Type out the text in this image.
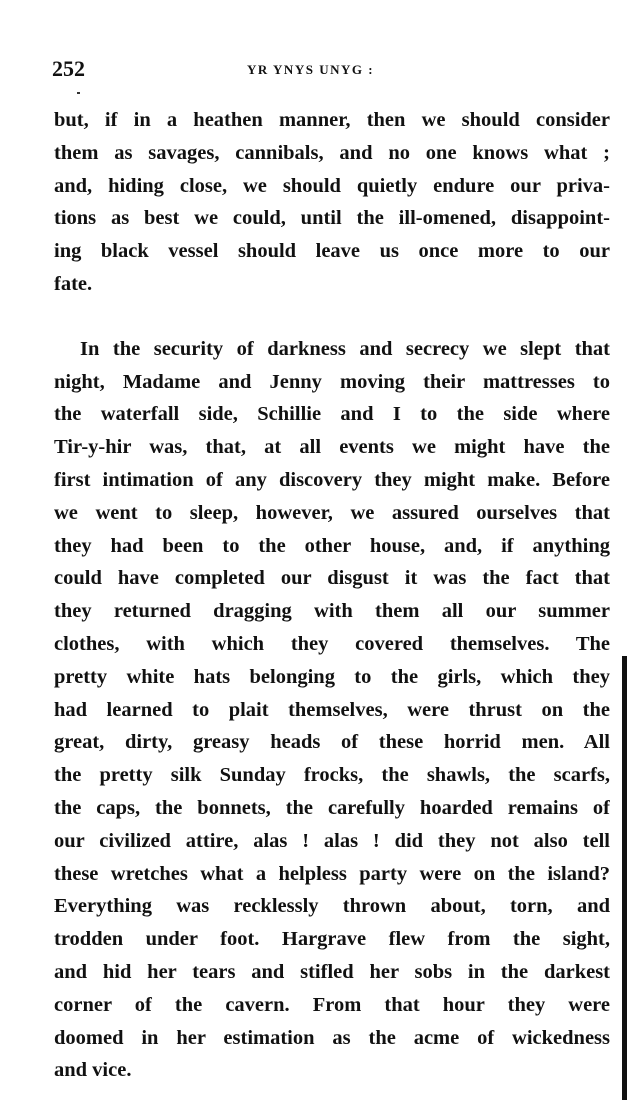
252	YR YNYS UNYG :
but, if in a heathen manner, then we should consider
them as savages, cannibals, and no one knows what ;
and, hiding close, we should quietly endure our priva-
tions as best we could, until the ill-omened, disappoint-
ing black vessel should leave us once more to our
fate.
In the security of darkness and secrecy we slept that
night, Madame and Jenny moving their mattresses to
the waterfall side, Schillie and I to the side where
Tir-y-hir was, that, at all events we might have the
first intimation of any discovery they might make. Before
we went to sleep, however, we assured ourselves that
they had been to the other house, and, if anything
could have completed our disgust it was the fact that
they returned dragging with them all our summer
clothes, with which they covered themselves. The
pretty white hats belonging to the girls, which they
had learned to plait themselves, were thrust on the
great, dirty, greasy heads of these horrid men. All
the pretty silk Sunday frocks, the shawls, the scarfs,
the caps, the bonnets, the carefully hoarded remains of
our civilized attire, alas ! alas ! did they not also tell
these wretches what a helpless party were on the island?
Everything was recklessly thrown about, torn, and
trodden under foot. Hargrave flew from the sight,
and hid her tears and stifled her sobs in the darkest
corner of the cavern. From that hour they were
doomed in her estimation as the acme of wickedness
and vice.
